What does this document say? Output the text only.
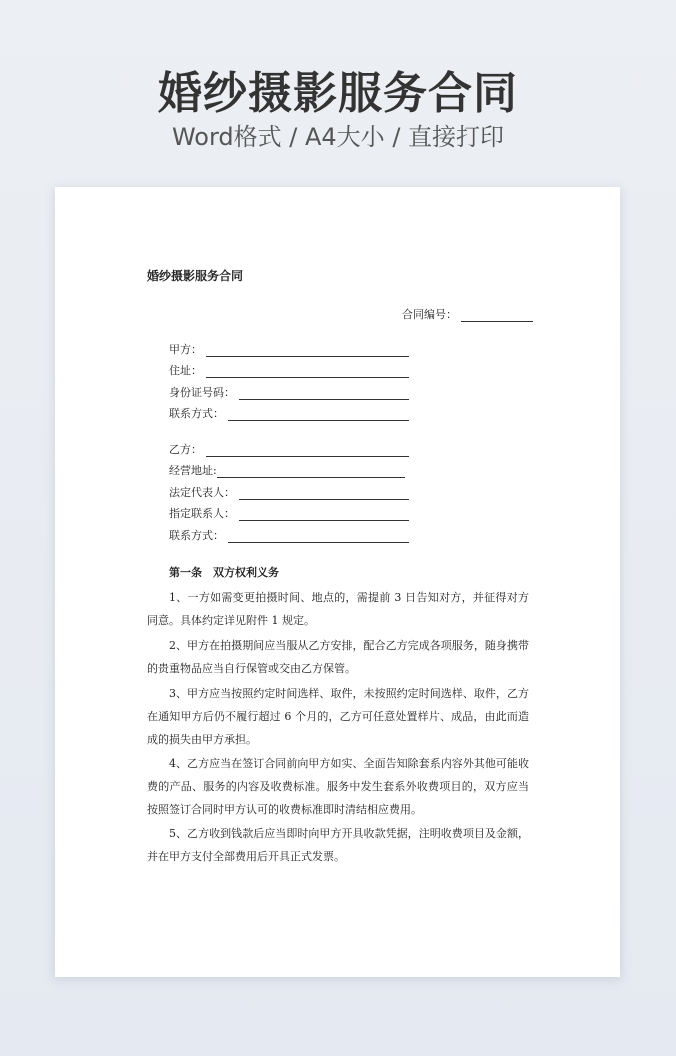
婚纱摄影服务合同
Word格式 / A4大小 / 直接打印
婚纱摄影服务合同
合同编号：
甲方：
住址：
身份证号码：
联系方式：
乙方：
经营地址:
法定代表人：
指定联系人：
联系方式：
第一条　双方权利义务
1、一方如需变更拍摄时间、地点的，需提前 3 日告知对方，并征得对方同意。具体约定详见附件 1 规定。
2、甲方在拍摄期间应当服从乙方安排，配合乙方完成各项服务，随身携带的贵重物品应当自行保管或交由乙方保管。
3、甲方应当按照约定时间选样、取件，未按照约定时间选样、取件，乙方在通知甲方后仍不履行超过 6 个月的，乙方可任意处置样片、成品，由此而造成的损失由甲方承担。
4、乙方应当在签订合同前向甲方如实、全面告知除套系内容外其他可能收费的产品、服务的内容及收费标准。服务中发生套系外收费项目的，双方应当按照签订合同时甲方认可的收费标准即时清结相应费用。
5、乙方收到钱款后应当即时向甲方开具收款凭据，注明收费项目及金额，并在甲方支付全部费用后开具正式发票。
